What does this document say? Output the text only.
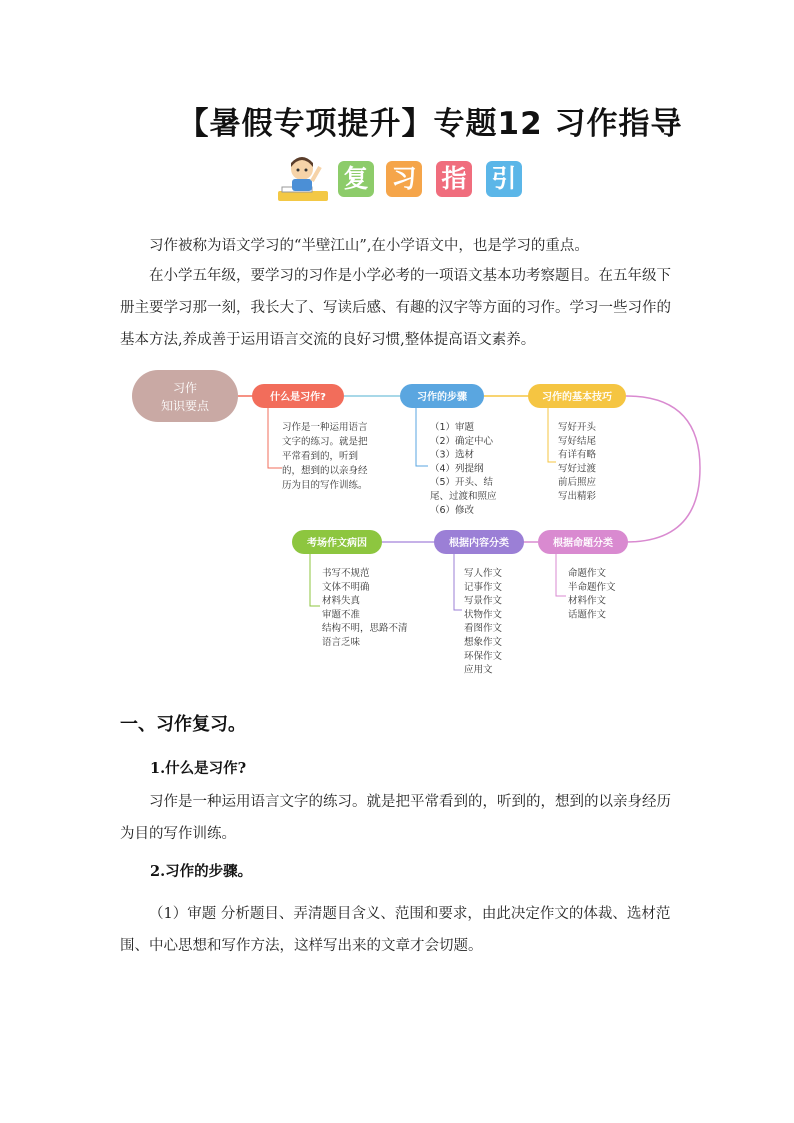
【暑假专项提升】专题12 习作指导
复 习 指 引

习作被称为语文学习的“半壁江山”,在小学语文中，也是学习的重点。

在小学五年级，要学习的习作是小学必考的一项语文基本功考察题目。在五年级下册主要学习那一刻，我长大了、写读后感、有趣的汉字等方面的习作。学习一些习作的基本方法,养成善于运用语言交流的良好习惯,整体提高语文素养。

习作
知识要点
什么是习作?
习作是一种运用语言
文字的练习。就是把
平常看到的，听到
的，想到的以亲身经
历为目的写作训练。
习作的步骤
（1）审题
（2）确定中心
（3）选材
（4）列提纲
（5）开头、结
尾、过渡和照应
（6）修改
习作的基本技巧
写好开头
写好结尾
有详有略
写好过渡
前后照应
写出精彩
根据命题分类
命题作文
半命题作文
材料作文
话题作文
根据内容分类
写人作文
记事作文
写景作文
状物作文
看图作文
想象作文
环保作文
应用文
考场作文病因
书写不规范
文体不明确
材料失真
审题不准
结构不明，思路不清
语言乏味
一、习作复习。
1.什么是习作?

习作是一种运用语言文字的练习。就是把平常看到的，听到的，想到的以亲身经历为目的写作训练。

2.习作的步骤。

（1）审题 分析题目、弄清题目含义、范围和要求，由此决定作文的体裁、选材范围、中心思想和写作方法，这样写出来的文章才会切题。
